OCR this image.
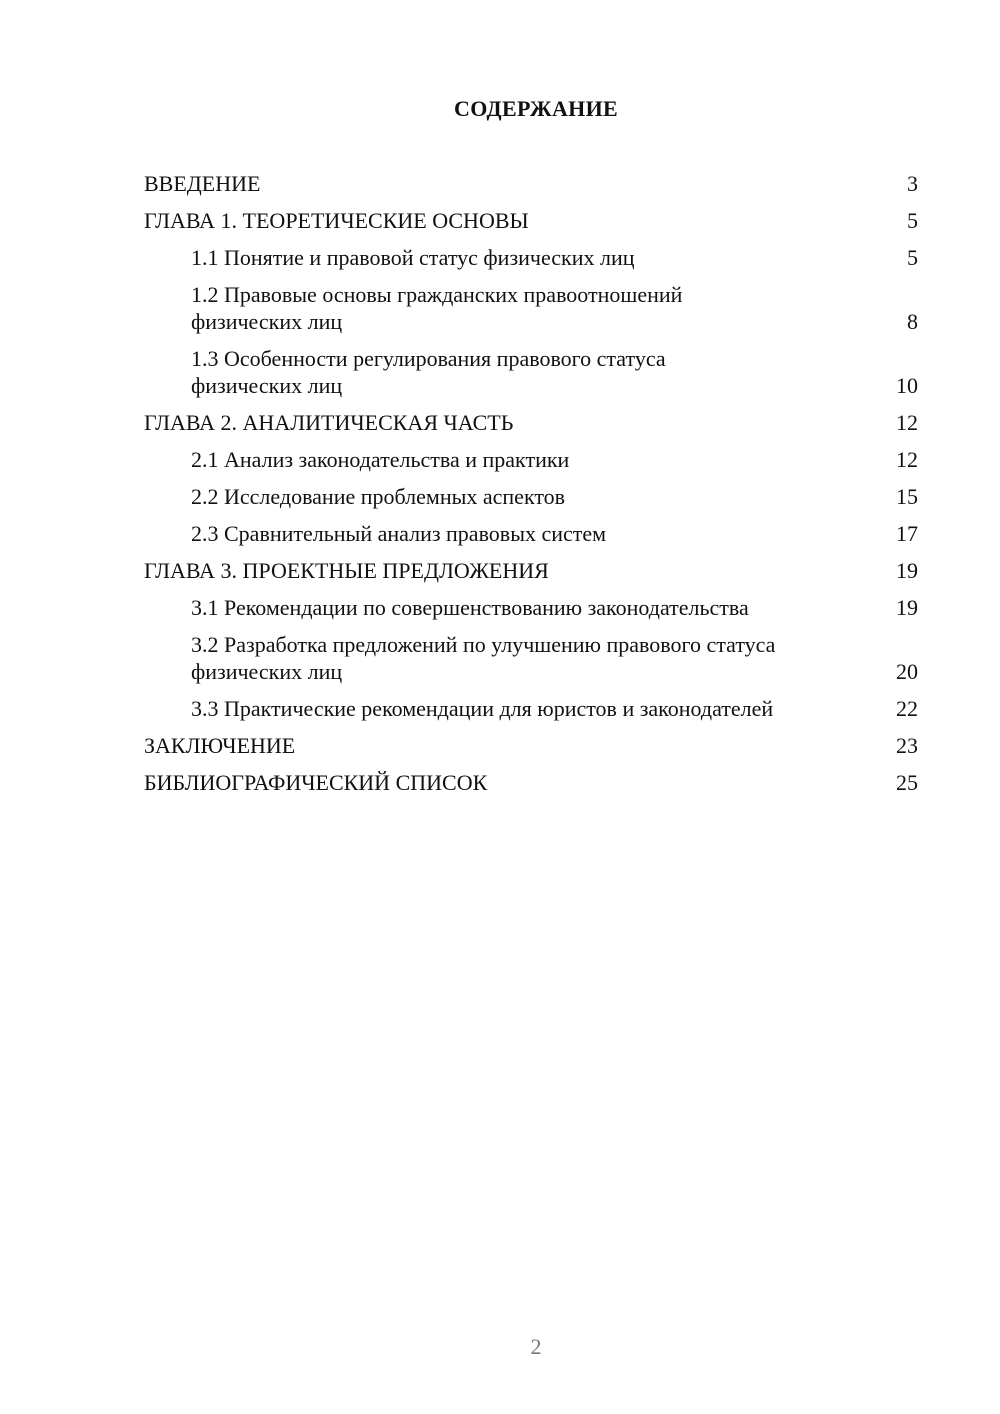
СОДЕРЖАНИЕ
ВВЕДЕНИЕ	3
ГЛАВА 1. ТЕОРЕТИЧЕСКИЕ ОСНОВЫ	5
1.1 Понятие и правовой статус физических лиц	5
1.2 Правовые основы гражданских правоотношений физических лиц	8
1.3 Особенности регулирования правового статуса физических лиц	10
ГЛАВА 2. АНАЛИТИЧЕСКАЯ ЧАСТЬ	12
2.1 Анализ законодательства и практики	12
2.2 Исследование проблемных аспектов	15
2.3 Сравнительный анализ правовых систем	17
ГЛАВА 3. ПРОЕКТНЫЕ ПРЕДЛОЖЕНИЯ	19
3.1 Рекомендации по совершенствованию законодательства	19
3.2 Разработка предложений по улучшению правового статуса физических лиц	20
3.3 Практические рекомендации для юристов и законодателей	22
ЗАКЛЮЧЕНИЕ	23
БИБЛИОГРАФИЧЕСКИЙ СПИСОК	25
2
